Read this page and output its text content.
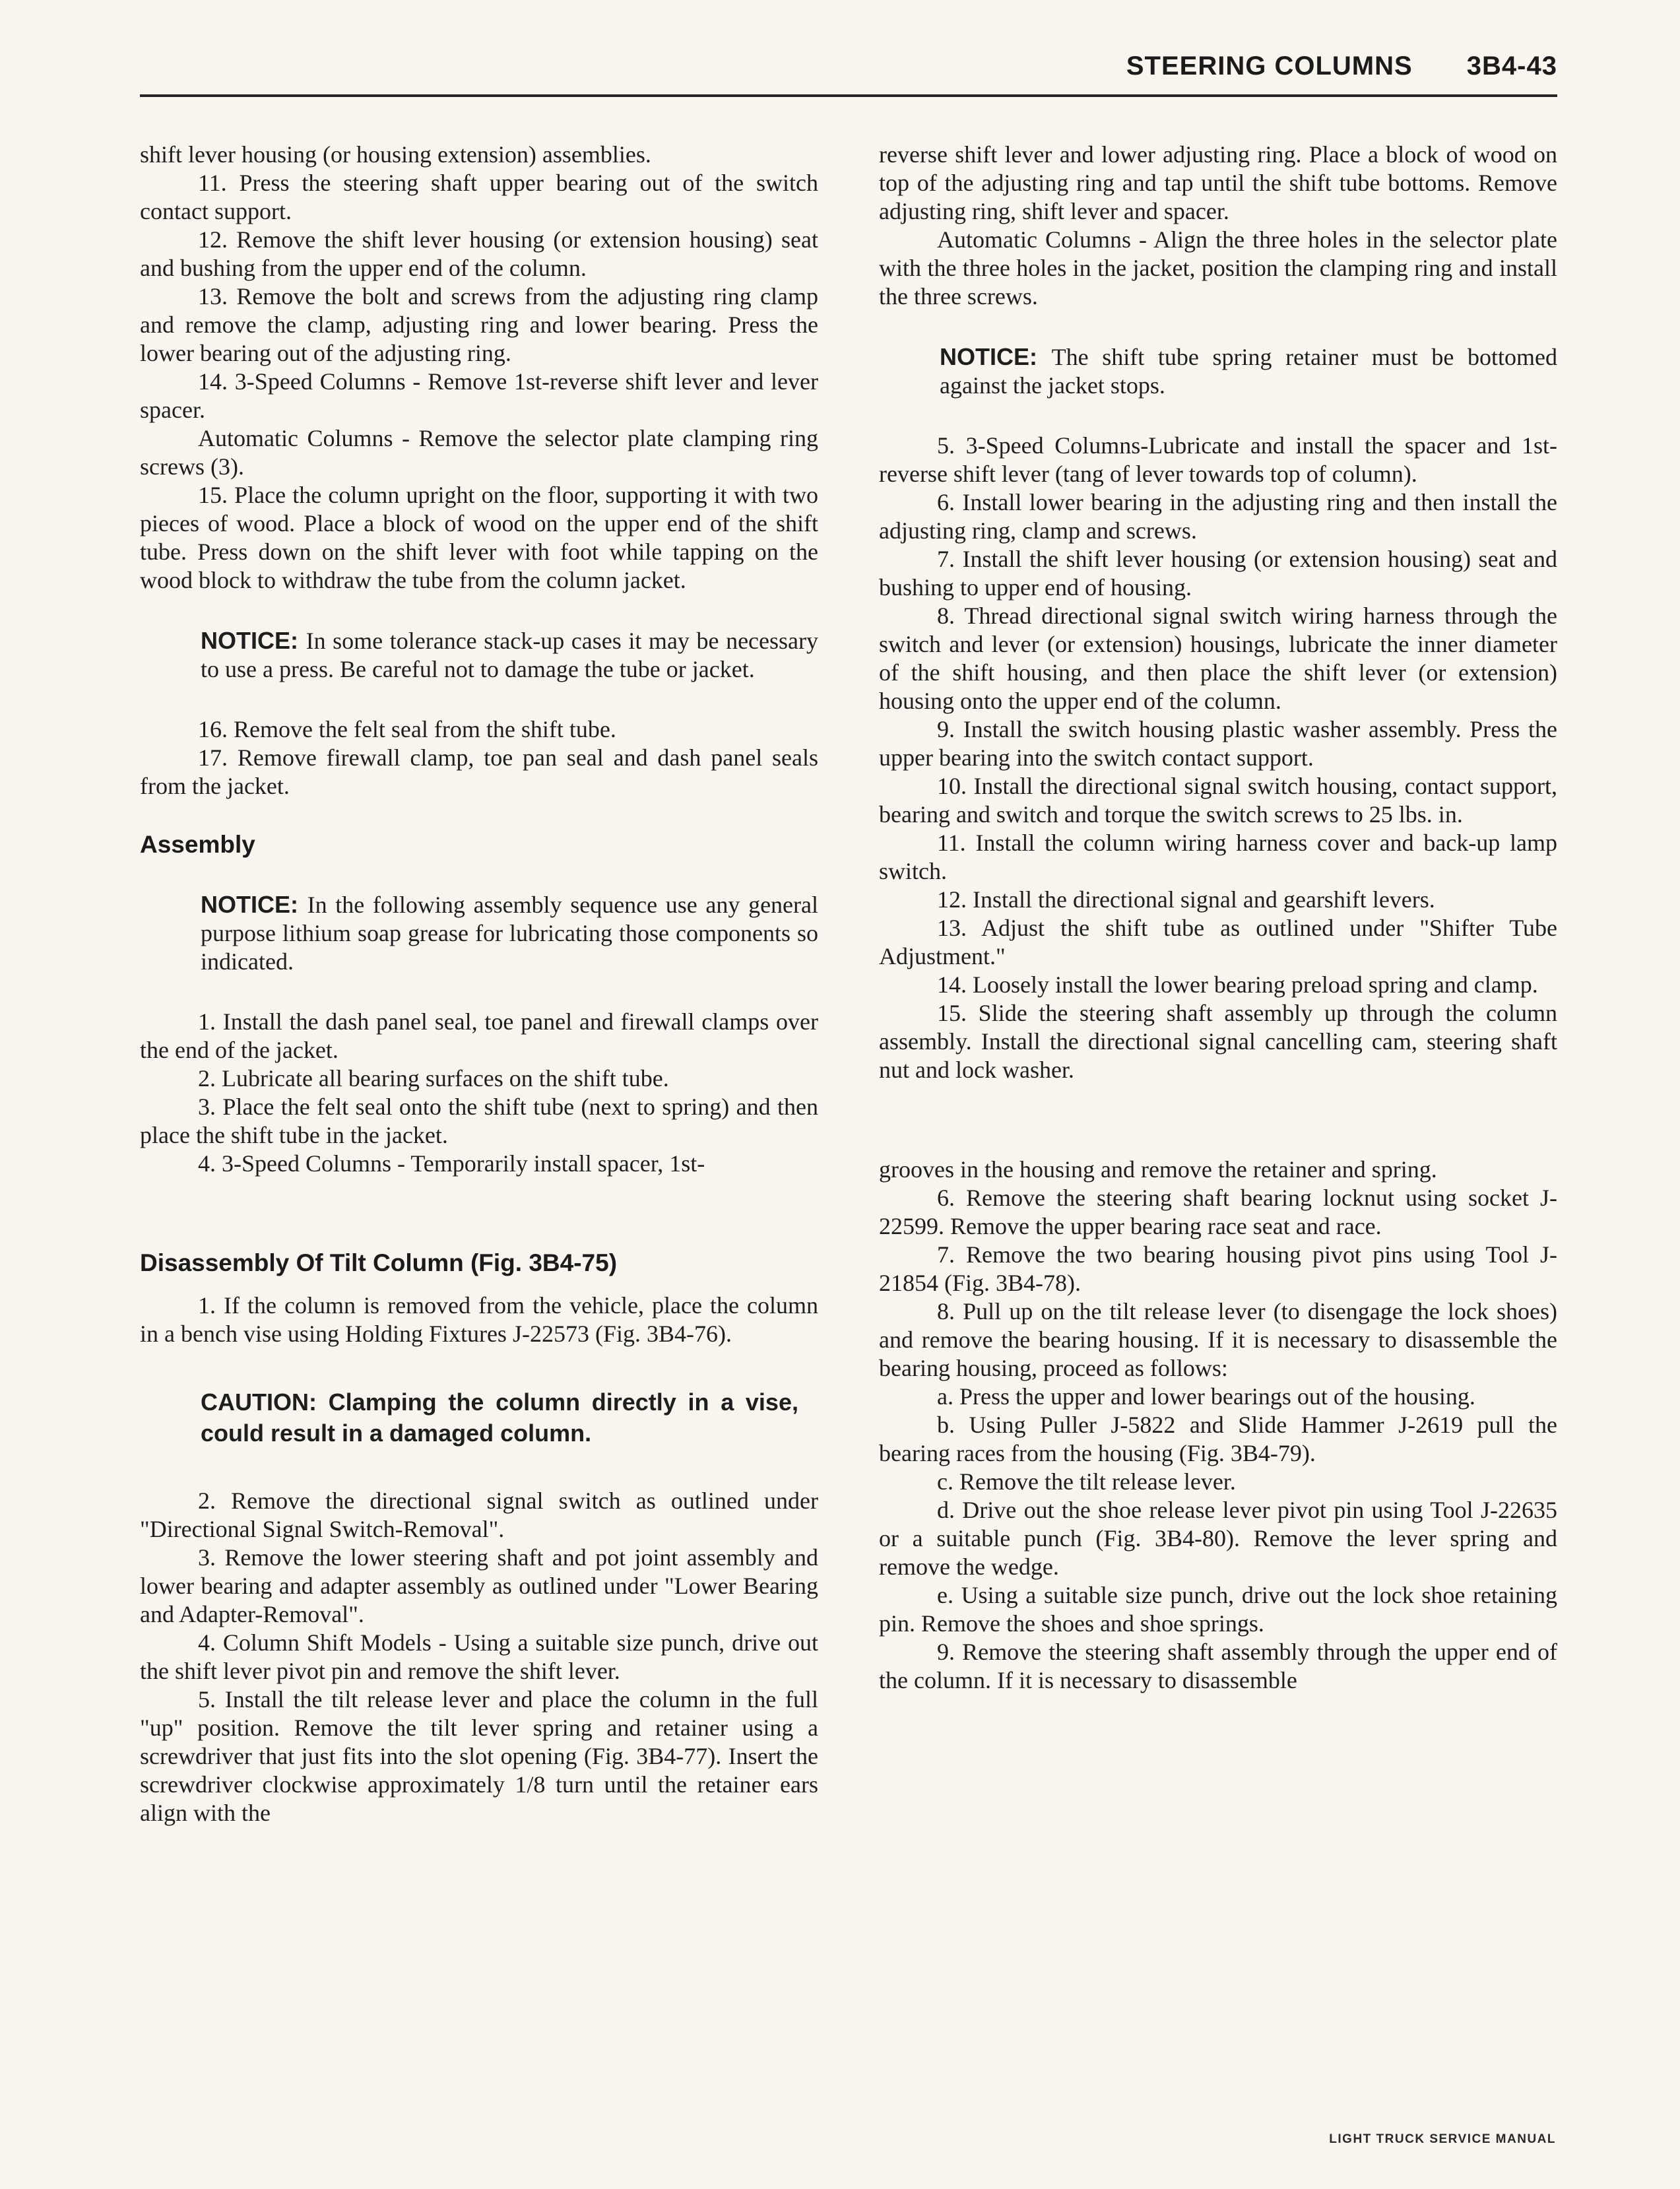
STEERING COLUMNS 3B4-43

shift lever housing (or housing extension) assemblies.

11. Press the steering shaft upper bearing out of the switch contact support.

12. Remove the shift lever housing (or extension housing) seat and bushing from the upper end of the column.

13. Remove the bolt and screws from the adjusting ring clamp and remove the clamp, adjusting ring and lower bearing. Press the lower bearing out of the adjusting ring.

14. 3-Speed Columns - Remove 1st-reverse shift lever and lever spacer.

Automatic Columns - Remove the selector plate clamping ring screws (3).

15. Place the column upright on the floor, supporting it with two pieces of wood. Place a block of wood on the upper end of the shift tube. Press down on the shift lever with foot while tapping on the wood block to withdraw the tube from the column jacket.

NOTICE: In some tolerance stack-up cases it may be necessary to use a press. Be careful not to damage the tube or jacket.

16. Remove the felt seal from the shift tube.

17. Remove firewall clamp, toe pan seal and dash panel seals from the jacket.

Assembly

NOTICE: In the following assembly sequence use any general purpose lithium soap grease for lubricating those components so indicated.

1. Install the dash panel seal, toe panel and firewall clamps over the end of the jacket.

2. Lubricate all bearing surfaces on the shift tube.

3. Place the felt seal onto the shift tube (next to spring) and then place the shift tube in the jacket.

4. 3-Speed Columns - Temporarily install spacer, 1st-

Disassembly Of Tilt Column (Fig. 3B4-75)

1. If the column is removed from the vehicle, place the column in a bench vise using Holding Fixtures J-22573 (Fig. 3B4-76).

CAUTION: Clamping the column directly in a vise, could result in a damaged column.

2. Remove the directional signal switch as outlined under "Directional Signal Switch-Removal".

3. Remove the lower steering shaft and pot joint assembly and lower bearing and adapter assembly as outlined under "Lower Bearing and Adapter-Removal".

4. Column Shift Models - Using a suitable size punch, drive out the shift lever pivot pin and remove the shift lever.

5. Install the tilt release lever and place the column in the full "up" position. Remove the tilt lever spring and retainer using a screwdriver that just fits into the slot opening (Fig. 3B4-77). Insert the screwdriver clockwise approximately 1/8 turn until the retainer ears align with the

reverse shift lever and lower adjusting ring. Place a block of wood on top of the adjusting ring and tap until the shift tube bottoms. Remove adjusting ring, shift lever and spacer.

Automatic Columns - Align the three holes in the selector plate with the three holes in the jacket, position the clamping ring and install the three screws.

NOTICE: The shift tube spring retainer must be bottomed against the jacket stops.

5. 3-Speed Columns-Lubricate and install the spacer and 1st-reverse shift lever (tang of lever towards top of column).

6. Install lower bearing in the adjusting ring and then install the adjusting ring, clamp and screws.

7. Install the shift lever housing (or extension housing) seat and bushing to upper end of housing.

8. Thread directional signal switch wiring harness through the switch and lever (or extension) housings, lubricate the inner diameter of the shift housing, and then place the shift lever (or extension) housing onto the upper end of the column.

9. Install the switch housing plastic washer assembly. Press the upper bearing into the switch contact support.

10. Install the directional signal switch housing, contact support, bearing and switch and torque the switch screws to 25 lbs. in.

11. Install the column wiring harness cover and back-up lamp switch.

12. Install the directional signal and gearshift levers.

13. Adjust the shift tube as outlined under "Shifter Tube Adjustment."

14. Loosely install the lower bearing preload spring and clamp.

15. Slide the steering shaft assembly up through the column assembly. Install the directional signal cancelling cam, steering shaft nut and lock washer.

grooves in the housing and remove the retainer and spring.

6. Remove the steering shaft bearing locknut using socket J-22599. Remove the upper bearing race seat and race.

7. Remove the two bearing housing pivot pins using Tool J-21854 (Fig. 3B4-78).

8. Pull up on the tilt release lever (to disengage the lock shoes) and remove the bearing housing. If it is necessary to disassemble the bearing housing, proceed as follows:

a. Press the upper and lower bearings out of the housing.

b. Using Puller J-5822 and Slide Hammer J-2619 pull the bearing races from the housing (Fig. 3B4-79).

c. Remove the tilt release lever.

d. Drive out the shoe release lever pivot pin using Tool J-22635 or a suitable punch (Fig. 3B4-80). Remove the lever spring and remove the wedge.

e. Using a suitable size punch, drive out the lock shoe retaining pin. Remove the shoes and shoe springs.

9. Remove the steering shaft assembly through the upper end of the column. If it is necessary to disassemble

LIGHT TRUCK SERVICE MANUAL
